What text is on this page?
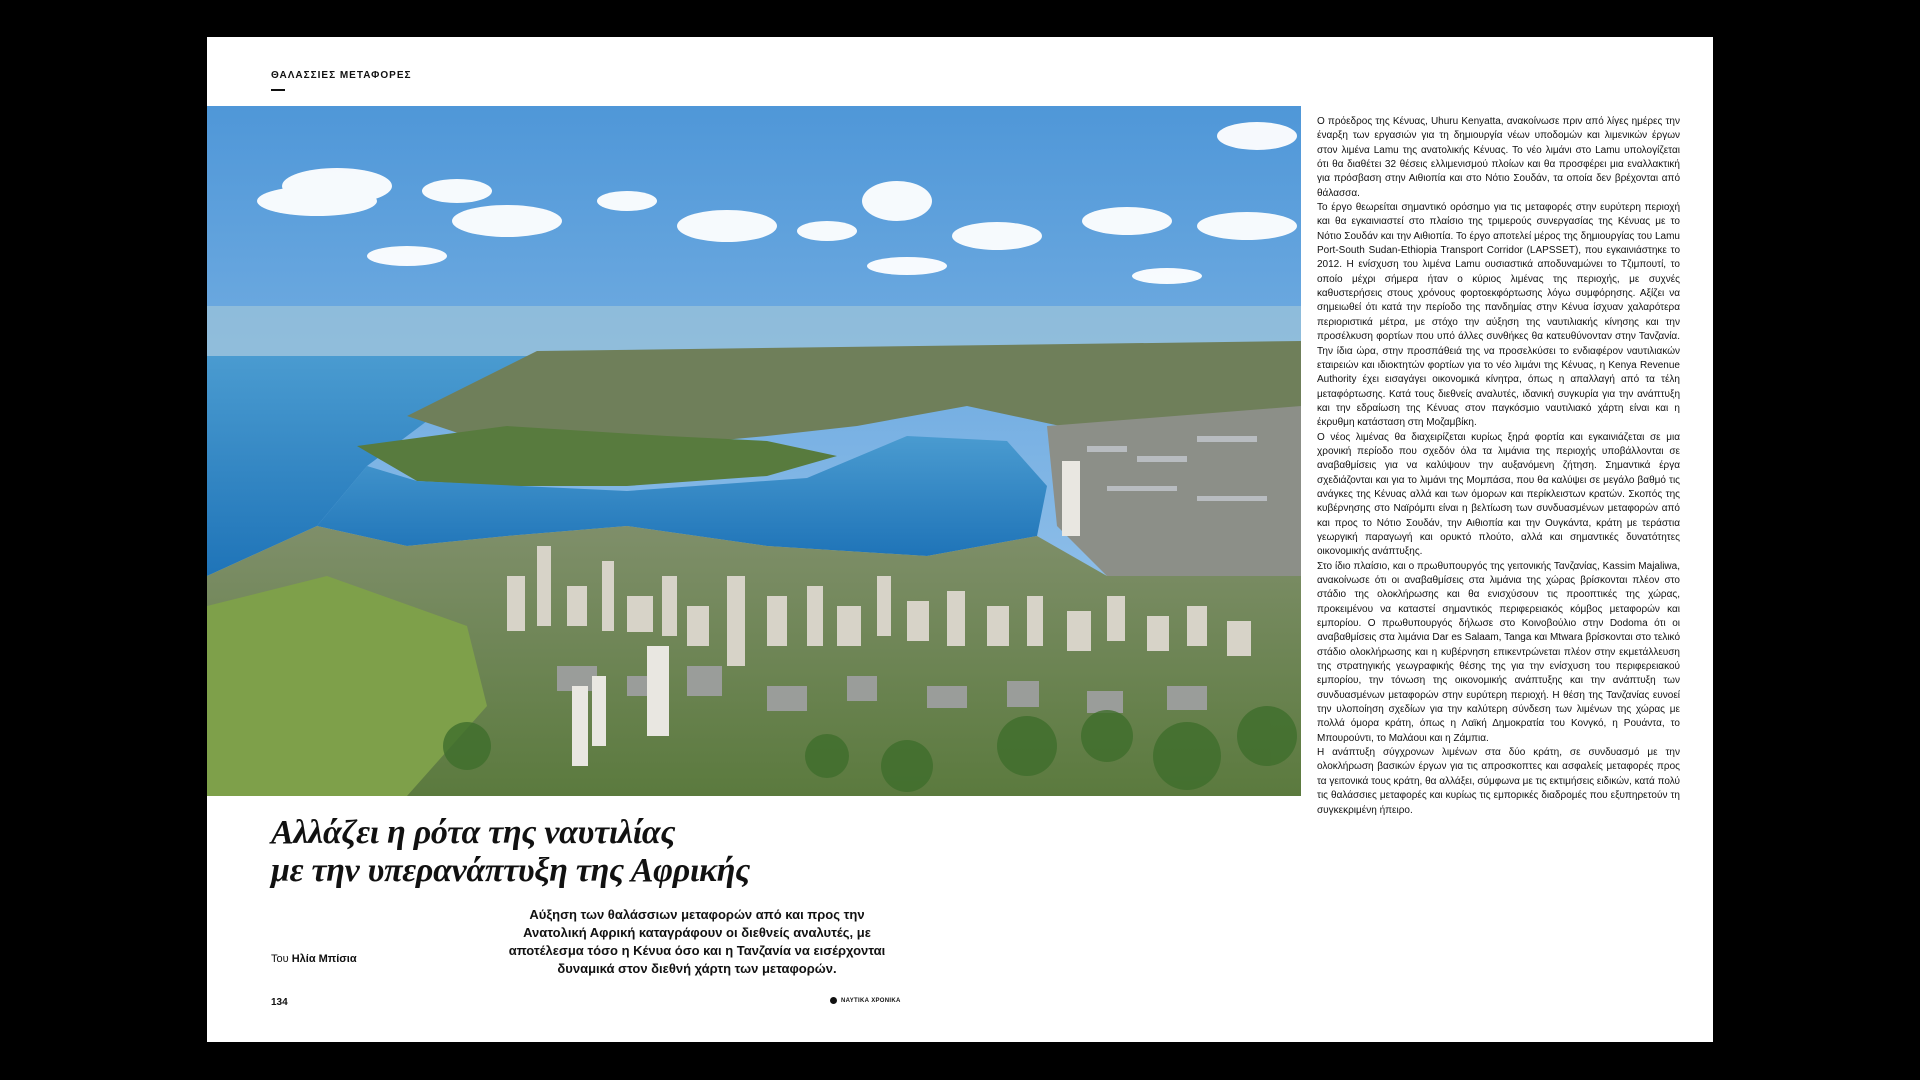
ΘΑΛΑΣΣΙΕΣ ΜΕΤΑΦΟΡΕΣ
Αλλάζει η ρότα της ναυτιλίας
με την υπερανάπτυξη της Αφρικής
Του Ηλία Μπίσια
Αύξηση των θαλάσσιων μεταφορών από και προς την Ανατολική Αφρική καταγράφουν οι διεθνείς αναλυτές, με αποτέλεσμα τόσο η Κένυα όσο και η Τανζανία να εισέρχονται δυναμικά στον διεθνή χάρτη των μεταφορών.
134	ΝΑΥΤΙΚΑ ΧΡΟΝΙΚΑ

Ο πρόεδρος της Κένυας, Uhuru Kenyatta, ανακοίνωσε πριν από λίγες ημέρες την έναρξη των εργασιών για τη δημιουργία νέων υποδομών και λιμενικών έργων στον λιμένα Lamu της ανατολικής Κένυας. Το νέο λιμάνι στο Lamu υπολογίζεται ότι θα διαθέτει 32 θέσεις ελλιμενισμού πλοίων και θα προσφέρει μια εναλλακτική για πρόσβαση στην Αιθιοπία και στο Νότιο Σουδάν, τα οποία δεν βρέχονται από θάλασσα.

Το έργο θεωρείται σημαντικό ορόσημο για τις μεταφορές στην ευρύτερη περιοχή και θα εγκαινιαστεί στο πλαίσιο της τριμερούς συνεργασίας της Κένυας με το Νότιο Σουδάν και την Αιθιοπία. Το έργο αποτελεί μέρος της δημιουργίας του Lamu Port-South Sudan-Ethiopia Transport Corridor (LAPSSET), που εγκαινιάστηκε το 2012. Η ενίσχυση του λιμένα Lamu ουσιαστικά αποδυναμώνει το Τζιμπουτί, το οποίο μέχρι σήμερα ήταν ο κύριος λιμένας της περιοχής, με συχνές καθυστερήσεις στους χρόνους φορτοεκφόρτωσης λόγω συμφόρησης. Αξίζει να σημειωθεί ότι κατά την περίοδο της πανδημίας στην Κένυα ίσχυαν χαλαρότερα περιοριστικά μέτρα, με στόχο την αύξηση της ναυτιλιακής κίνησης και την προσέλκυση φορτίων που υπό άλλες συνθήκες θα κατευθύνονταν στην Τανζανία. Την ίδια ώρα, στην προσπάθειά της να προσελκύσει το ενδιαφέρον ναυτιλιακών εταιρειών και ιδιοκτητών φορτίων για το νέο λιμάνι της Κένυας, η Kenya Revenue Authority έχει εισαγάγει οικονομικά κίνητρα, όπως η απαλλαγή από τα τέλη μεταφόρτωσης. Κατά τους διεθνείς αναλυτές, ιδανική συγκυρία για την ανάπτυξη και την εδραίωση της Κένυας στον παγκόσμιο ναυτιλιακό χάρτη είναι και η έκρυθμη κατάσταση στη Μοζαμβίκη.

Ο νέος λιμένας θα διαχειρίζεται κυρίως ξηρά φορτία και εγκαινιάζεται σε μια χρονική περίοδο που σχεδόν όλα τα λιμάνια της περιοχής υποβάλλονται σε αναβαθμίσεις για να καλύψουν την αυξανόμενη ζήτηση. Σημαντικά έργα σχεδιάζονται και για το λιμάνι της Μομπάσα, που θα καλύψει σε μεγάλο βαθμό τις ανάγκες της Κένυας αλλά και των όμορων και περίκλειστων κρατών. Σκοπός της κυβέρνησης στο Ναϊρόμπι είναι η βελτίωση των συνδυασμένων μεταφορών από και προς το Νότιο Σουδάν, την Αιθιοπία και την Ουγκάντα, κράτη με τεράστια γεωργική παραγωγή και ορυκτό πλούτο, αλλά και σημαντικές δυνατότητες οικονομικής ανάπτυξης.

Στο ίδιο πλαίσιο, και ο πρωθυπουργός της γειτονικής Τανζανίας, Kassim Majaliwa, ανακοίνωσε ότι οι αναβαθμίσεις στα λιμάνια της χώρας βρίσκονται πλέον στο στάδιο της ολοκλήρωσης και θα ενισχύσουν τις προοπτικές της χώρας, προκειμένου να καταστεί σημαντικός περιφερειακός κόμβος μεταφορών και εμπορίου. Ο πρωθυπουργός δήλωσε στο Κοινοβούλιο στην Dodoma ότι οι αναβαθμίσεις στα λιμάνια Dar es Salaam, Tanga και Mtwara βρίσκονται στο τελικό στάδιο ολοκλήρωσης και η κυβέρνηση επικεντρώνεται πλέον στην εκμετάλλευση της στρατηγικής γεωγραφικής θέσης της για την ενίσχυση του περιφερειακού εμπορίου, την τόνωση της οικονομικής ανάπτυξης και την ανάπτυξη των συνδυασμένων μεταφορών στην ευρύτερη περιοχή. Η θέση της Τανζανίας ευνοεί την υλοποίηση σχεδίων για την καλύτερη σύνδεση των λιμένων της χώρας με πολλά όμορα κράτη, όπως η Λαϊκή Δημοκρατία του Κονγκό, η Ρουάντα, το Μπουρούντι, το Μαλάουι και η Ζάμπια.

Η ανάπτυξη σύγχρονων λιμένων στα δύο κράτη, σε συνδυασμό με την ολοκλήρωση βασικών έργων για τις απροσκοπτες και ασφαλείς μεταφορές προς τα γειτονικά τους κράτη, θα αλλάξει, σύμφωνα με τις εκτιμήσεις ειδικών, κατά πολύ τις θαλάσσιες μεταφορές και κυρίως τις εμπορικές διαδρομές που εξυπηρετούν τη συγκεκριμένη ήπειρο.
